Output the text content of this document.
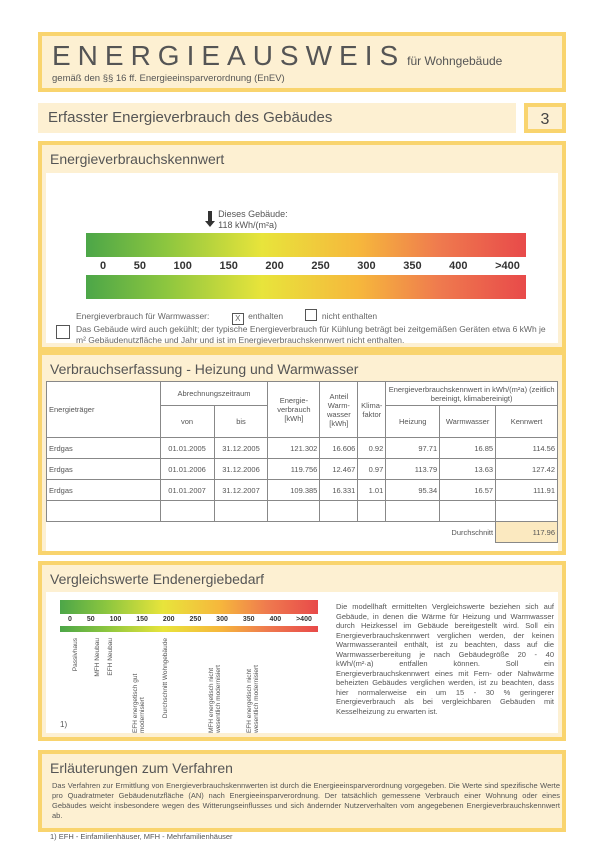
ENERGIEAUSWEIS für Wohngebäude
gemäß den §§ 16 ff. Energieeinsparverordnung (EnEV)
Erfasster Energieverbrauch des Gebäudes	3
Energieverbrauchskennwert
Dieses Gebäude:
118 kWh/(m²a)
0	50	100	150	200	250	300	350	400	>400
Energieverbrauch für Warmwasser:	X enthalten	nicht enthalten
Das Gebäude wird auch gekühlt; der typische Energieverbrauch für Kühlung beträgt bei zeitgemäßen Geräten etwa 6 kWh je m² Gebäudenutzfläche und Jahr und ist im Energieverbrauchskennwert nicht enthalten.
Verbrauchserfassung - Heizung und Warmwasser
Energieträger	Abrechnungszeitraum		Energie- verbrauch [kWh]	Anteil Warm- wasser [kWh]	Klima- faktor	Energieverbrauchskennwert in kWh/(m²a) (zeitlich bereinigt, klimabereinigt)		
	von	bis				Heizung	Warmwasser	Kennwert
Erdgas	01.01.2005	31.12.2005	121.302	16.606	0.92	97.71	16.85	114.56
Erdgas	01.01.2006	31.12.2006	119.756	12.467	0.97	113.79	13.63	127.42
Erdgas	01.01.2007	31.12.2007	109.385	16.331	1.01	95.34	16.57	111.91

Durchschnitt								117.96
Vergleichswerte Endenergiebedarf
0 50 100 150 200 250 300 350 400 >400
Passivhaus MFH Neubau EFH Neubau
EFH energetisch gut modernisiert Durchschnitt Wohngebäude	MFH energetisch nicht wesentlich modernisiert	EFH energetisch nicht wesentlich modernisiert
1)
Die modellhaft ermittelten Vergleichswerte beziehen sich auf Gebäude, in denen die Wärme für Heizung und Warmwasser durch Heizkessel im Gebäude bereitgestellt wird. Soll ein Energieverbrauchskennwert verglichen werden, der keinen Warmwasseranteil enthält, ist zu beachten, dass auf die Warmwasserbereitung je nach Gebäudegröße 20 - 40 kWh/(m²·a) entfallen können. Soll ein Energieverbrauchskennwert eines mit Fern- oder Nahwärme beheizten Gebäudes verglichen werden, ist zu beachten, dass hier normalerweise ein um 15 - 30 % geringerer Energieverbrauch als bei vergleichbaren Gebäuden mit Kesselheizung zu erwarten ist.
Erläuterungen zum Verfahren
Das Verfahren zur Ermittlung von Energieverbrauchskennwerten ist durch die Energieeinsparverordnung vorgegeben. Die Werte sind spezifische Werte pro Quadratmeter Gebäudenutzfläche (AN) nach Energieeinsparverordnung. Der tatsächlich gemessene Verbrauch einer Wohnung oder eines Gebäudes weicht insbesondere wegen des Witterungseinflusses und sich ändernder Nutzerverhalten vom angegebenen Energieverbrauchskennwert ab.
1) EFH - Einfamilienhäuser, MFH - Mehrfamilienhäuser
